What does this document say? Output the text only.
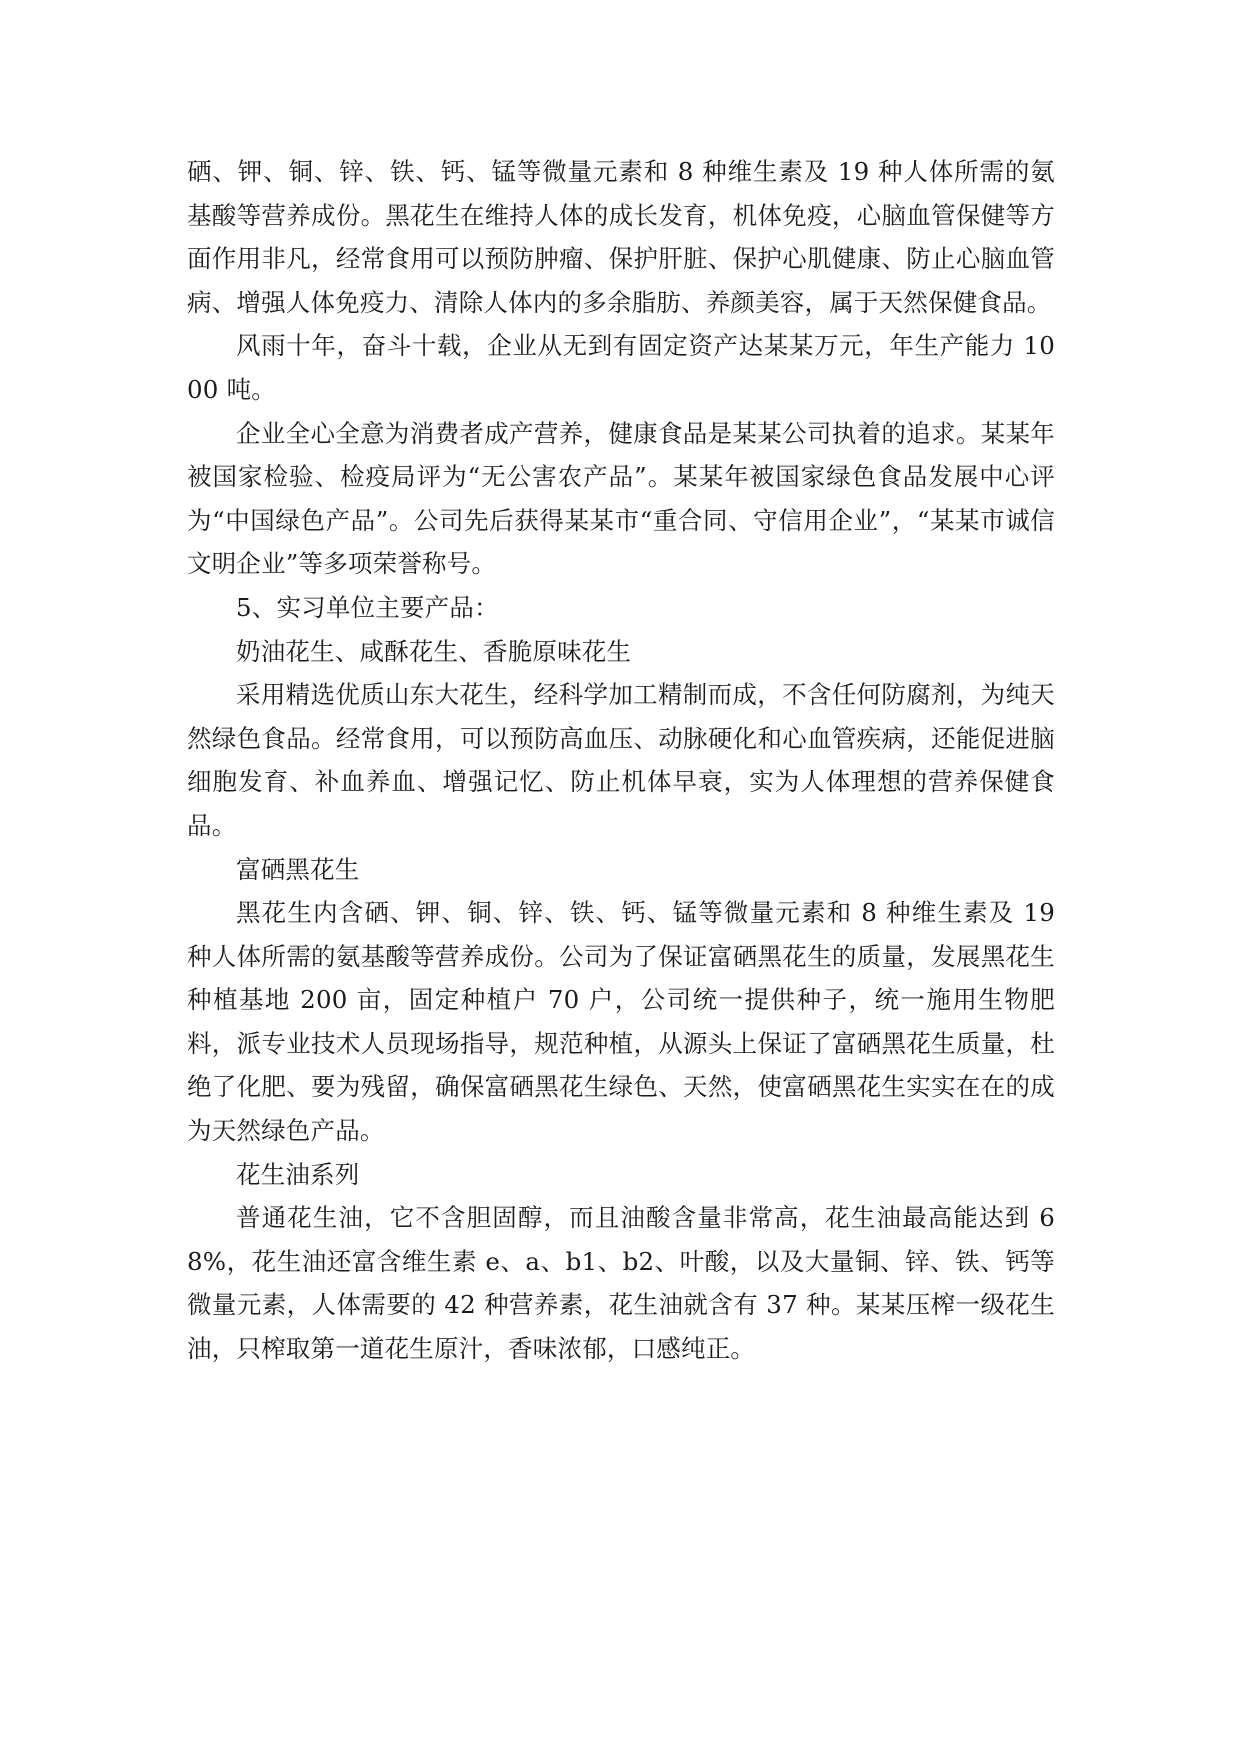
硒、钾、铜、锌、铁、钙、锰等微量元素和 8 种维生素及 19 种人体所需的氨基酸等营养成份。黑花生在维持人体的成长发育，机体免疫，心脑血管保健等方面作用非凡，经常食用可以预防肿瘤、保护肝脏、保护心肌健康、防止心脑血管病、增强人体免疫力、清除人体内的多余脂肪、养颜美容，属于天然保健食品。

风雨十年，奋斗十载，企业从无到有固定资产达某某万元，年生产能力 1000 吨。

企业全心全意为消费者成产营养，健康食品是某某公司执着的追求。某某年被国家检验、检疫局评为“无公害农产品”。某某年被国家绿色食品发展中心评为“中国绿色产品”。公司先后获得某某市“重合同、守信用企业”，“某某市诚信文明企业”等多项荣誉称号。

5、实习单位主要产品：

奶油花生、咸酥花生、香脆原味花生

采用精选优质山东大花生，经科学加工精制而成，不含任何防腐剂，为纯天然绿色食品。经常食用，可以预防高血压、动脉硬化和心血管疾病，还能促进脑细胞发育、补血养血、增强记忆、防止机体早衰，实为人体理想的营养保健食品。

富硒黑花生

黑花生内含硒、钾、铜、锌、铁、钙、锰等微量元素和 8 种维生素及 19 种人体所需的氨基酸等营养成份。公司为了保证富硒黑花生的质量，发展黑花生种植基地 200 亩，固定种植户 70 户，公司统一提供种子，统一施用生物肥料，派专业技术人员现场指导，规范种植，从源头上保证了富硒黑花生质量，杜绝了化肥、要为残留，确保富硒黑花生绿色、天然，使富硒黑花生实实在在的成为天然绿色产品。

花生油系列

普通花生油，它不含胆固醇，而且油酸含量非常高，花生油最高能达到 68%，花生油还富含维生素 e、a、b1、b2、叶酸，以及大量铜、锌、铁、钙等微量元素，人体需要的 42 种营养素，花生油就含有 37 种。某某压榨一级花生油，只榨取第一道花生原汁，香味浓郁，口感纯正。
